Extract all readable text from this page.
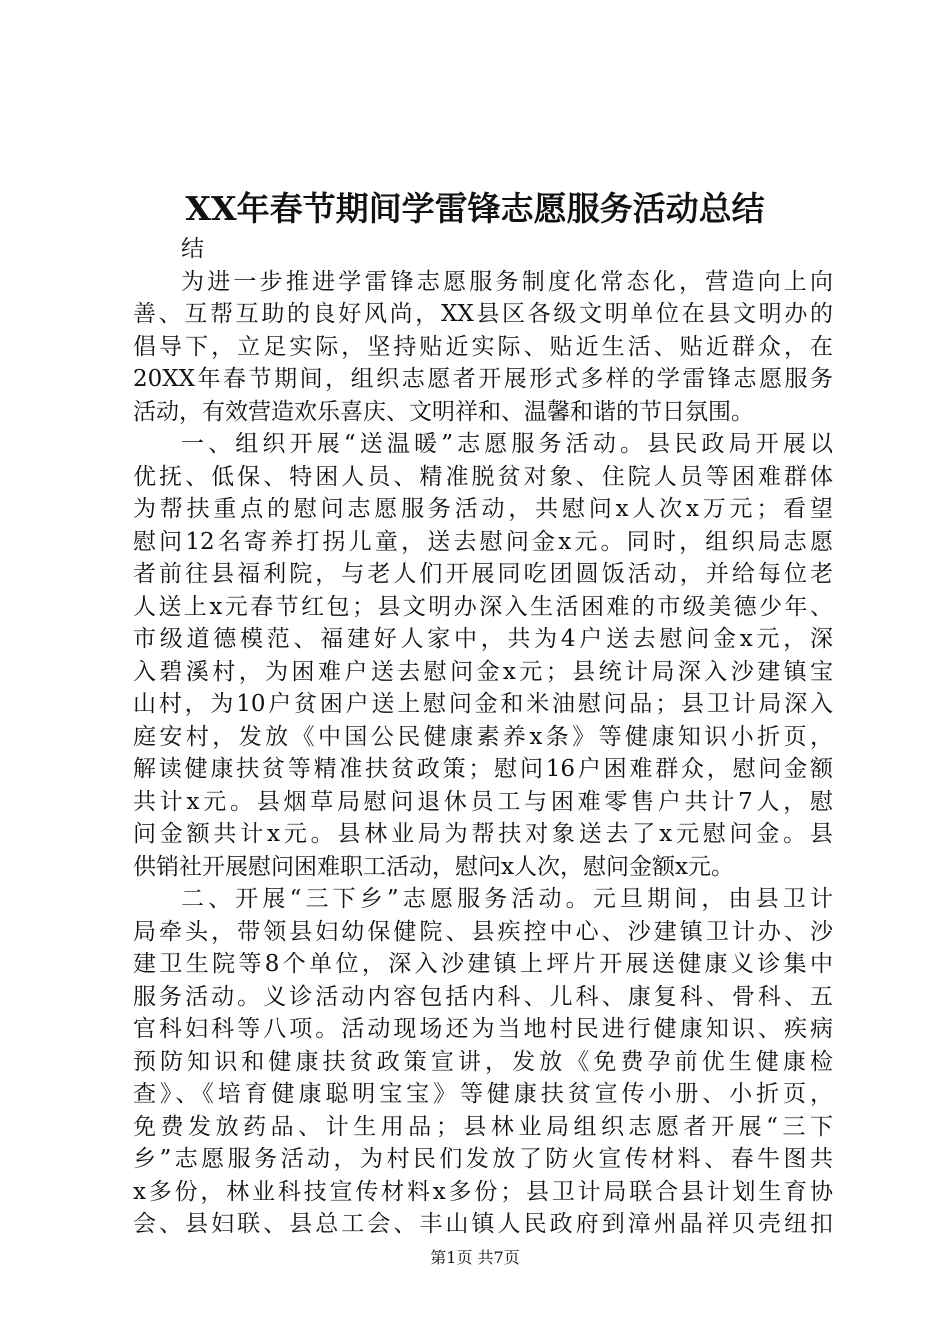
XX年春节期间学雷锋志愿服务活动总结
结
为进一步推进学雷锋志愿服务制度化常态化，营造向上向
善、互帮互助的良好风尚，XX县区各级文明单位在县文明办的
倡导下，立足实际，坚持贴近实际、贴近生活、贴近群众，在
20XX年春节期间，组织志愿者开展形式多样的学雷锋志愿服务
活动，有效营造欢乐喜庆、文明祥和、温馨和谐的节日氛围。
一、组织开展“送温暖”志愿服务活动。县民政局开展以
优抚、低保、特困人员、精准脱贫对象、住院人员等困难群体
为帮扶重点的慰问志愿服务活动，共慰问x人次x万元；看望
慰问12名寄养打拐儿童，送去慰问金x元。同时，组织局志愿
者前往县福利院，与老人们开展同吃团圆饭活动，并给每位老
人送上x元春节红包；县文明办深入生活困难的市级美德少年、
市级道德模范、福建好人家中，共为4户送去慰问金x元，深
入碧溪村，为困难户送去慰问金x元；县统计局深入沙建镇宝
山村，为10户贫困户送上慰问金和米油慰问品；县卫计局深入
庭安村，发放《中国公民健康素养x条》等健康知识小折页，
解读健康扶贫等精准扶贫政策；慰问16户困难群众，慰问金额
共计x元。县烟草局慰问退休员工与困难零售户共计7人，慰
问金额共计x元。县林业局为帮扶对象送去了x元慰问金。县
供销社开展慰问困难职工活动，慰问x人次，慰问金额x元。
二、开展“三下乡”志愿服务活动。元旦期间，由县卫计
局牵头，带领县妇幼保健院、县疾控中心、沙建镇卫计办、沙
建卫生院等8个单位，深入沙建镇上坪片开展送健康义诊集中
服务活动。义诊活动内容包括内科、儿科、康复科、骨科、五
官科妇科等八项。活动现场还为当地村民进行健康知识、疾病
预防知识和健康扶贫政策宣讲，发放《免费孕前优生健康检
查》、《培育健康聪明宝宝》等健康扶贫宣传小册、小折页，
免费发放药品、计生用品；县林业局组织志愿者开展“三下
乡”志愿服务活动，为村民们发放了防火宣传材料、春牛图共
x多份，林业科技宣传材料x多份；县卫计局联合县计划生育协
会、县妇联、县总工会、丰山镇人民政府到漳州晶祥贝壳纽扣
第1页 共7页
